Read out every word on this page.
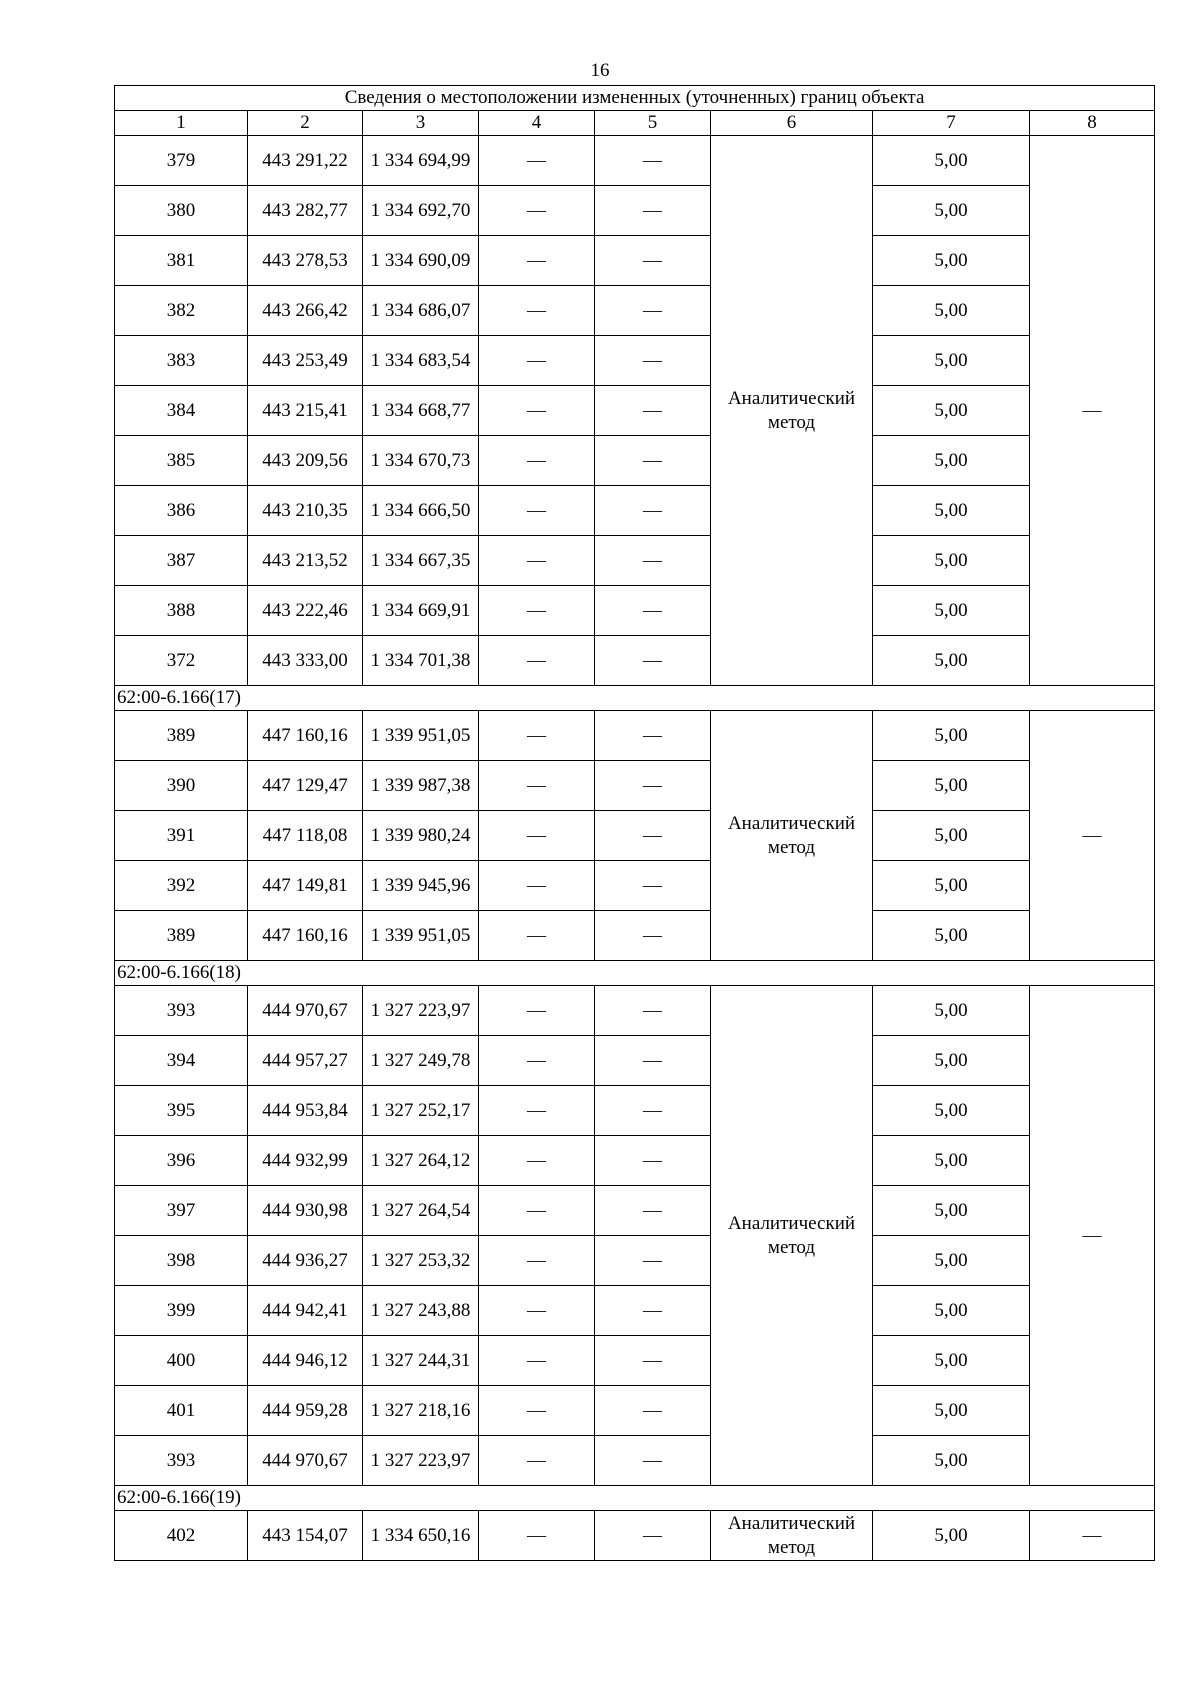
16
Сведения о местоположении измененных (уточненных) границ объекта							
1	2	3	4	5	6	7	8
379	443 291,22	1 334 694,99	—	—	Аналитический метод	5,00	—
380	443 282,77	1 334 692,70	—	—		5,00	
381	443 278,53	1 334 690,09	—	—		5,00	
382	443 266,42	1 334 686,07	—	—		5,00	
383	443 253,49	1 334 683,54	—	—		5,00	
384	443 215,41	1 334 668,77	—	—		5,00	
385	443 209,56	1 334 670,73	—	—		5,00	
386	443 210,35	1 334 666,50	—	—		5,00	
387	443 213,52	1 334 667,35	—	—		5,00	
388	443 222,46	1 334 669,91	—	—		5,00	
372	443 333,00	1 334 701,38	—	—		5,00	
62:00-6.166(17)							
389	447 160,16	1 339 951,05	—	—	Аналитический метод	5,00	—
390	447 129,47	1 339 987,38	—	—		5,00	
391	447 118,08	1 339 980,24	—	—		5,00	
392	447 149,81	1 339 945,96	—	—		5,00	
389	447 160,16	1 339 951,05	—	—		5,00	
62:00-6.166(18)							
393	444 970,67	1 327 223,97	—	—	Аналитический метод	5,00	—
394	444 957,27	1 327 249,78	—	—		5,00	
395	444 953,84	1 327 252,17	—	—		5,00	
396	444 932,99	1 327 264,12	—	—		5,00	
397	444 930,98	1 327 264,54	—	—		5,00	
398	444 936,27	1 327 253,32	—	—		5,00	
399	444 942,41	1 327 243,88	—	—		5,00	
400	444 946,12	1 327 244,31	—	—		5,00	
401	444 959,28	1 327 218,16	—	—		5,00	
393	444 970,67	1 327 223,97	—	—		5,00	
62:00-6.166(19)							
402	443 154,07	1 334 650,16	—	—	Аналитический метод	5,00	—
